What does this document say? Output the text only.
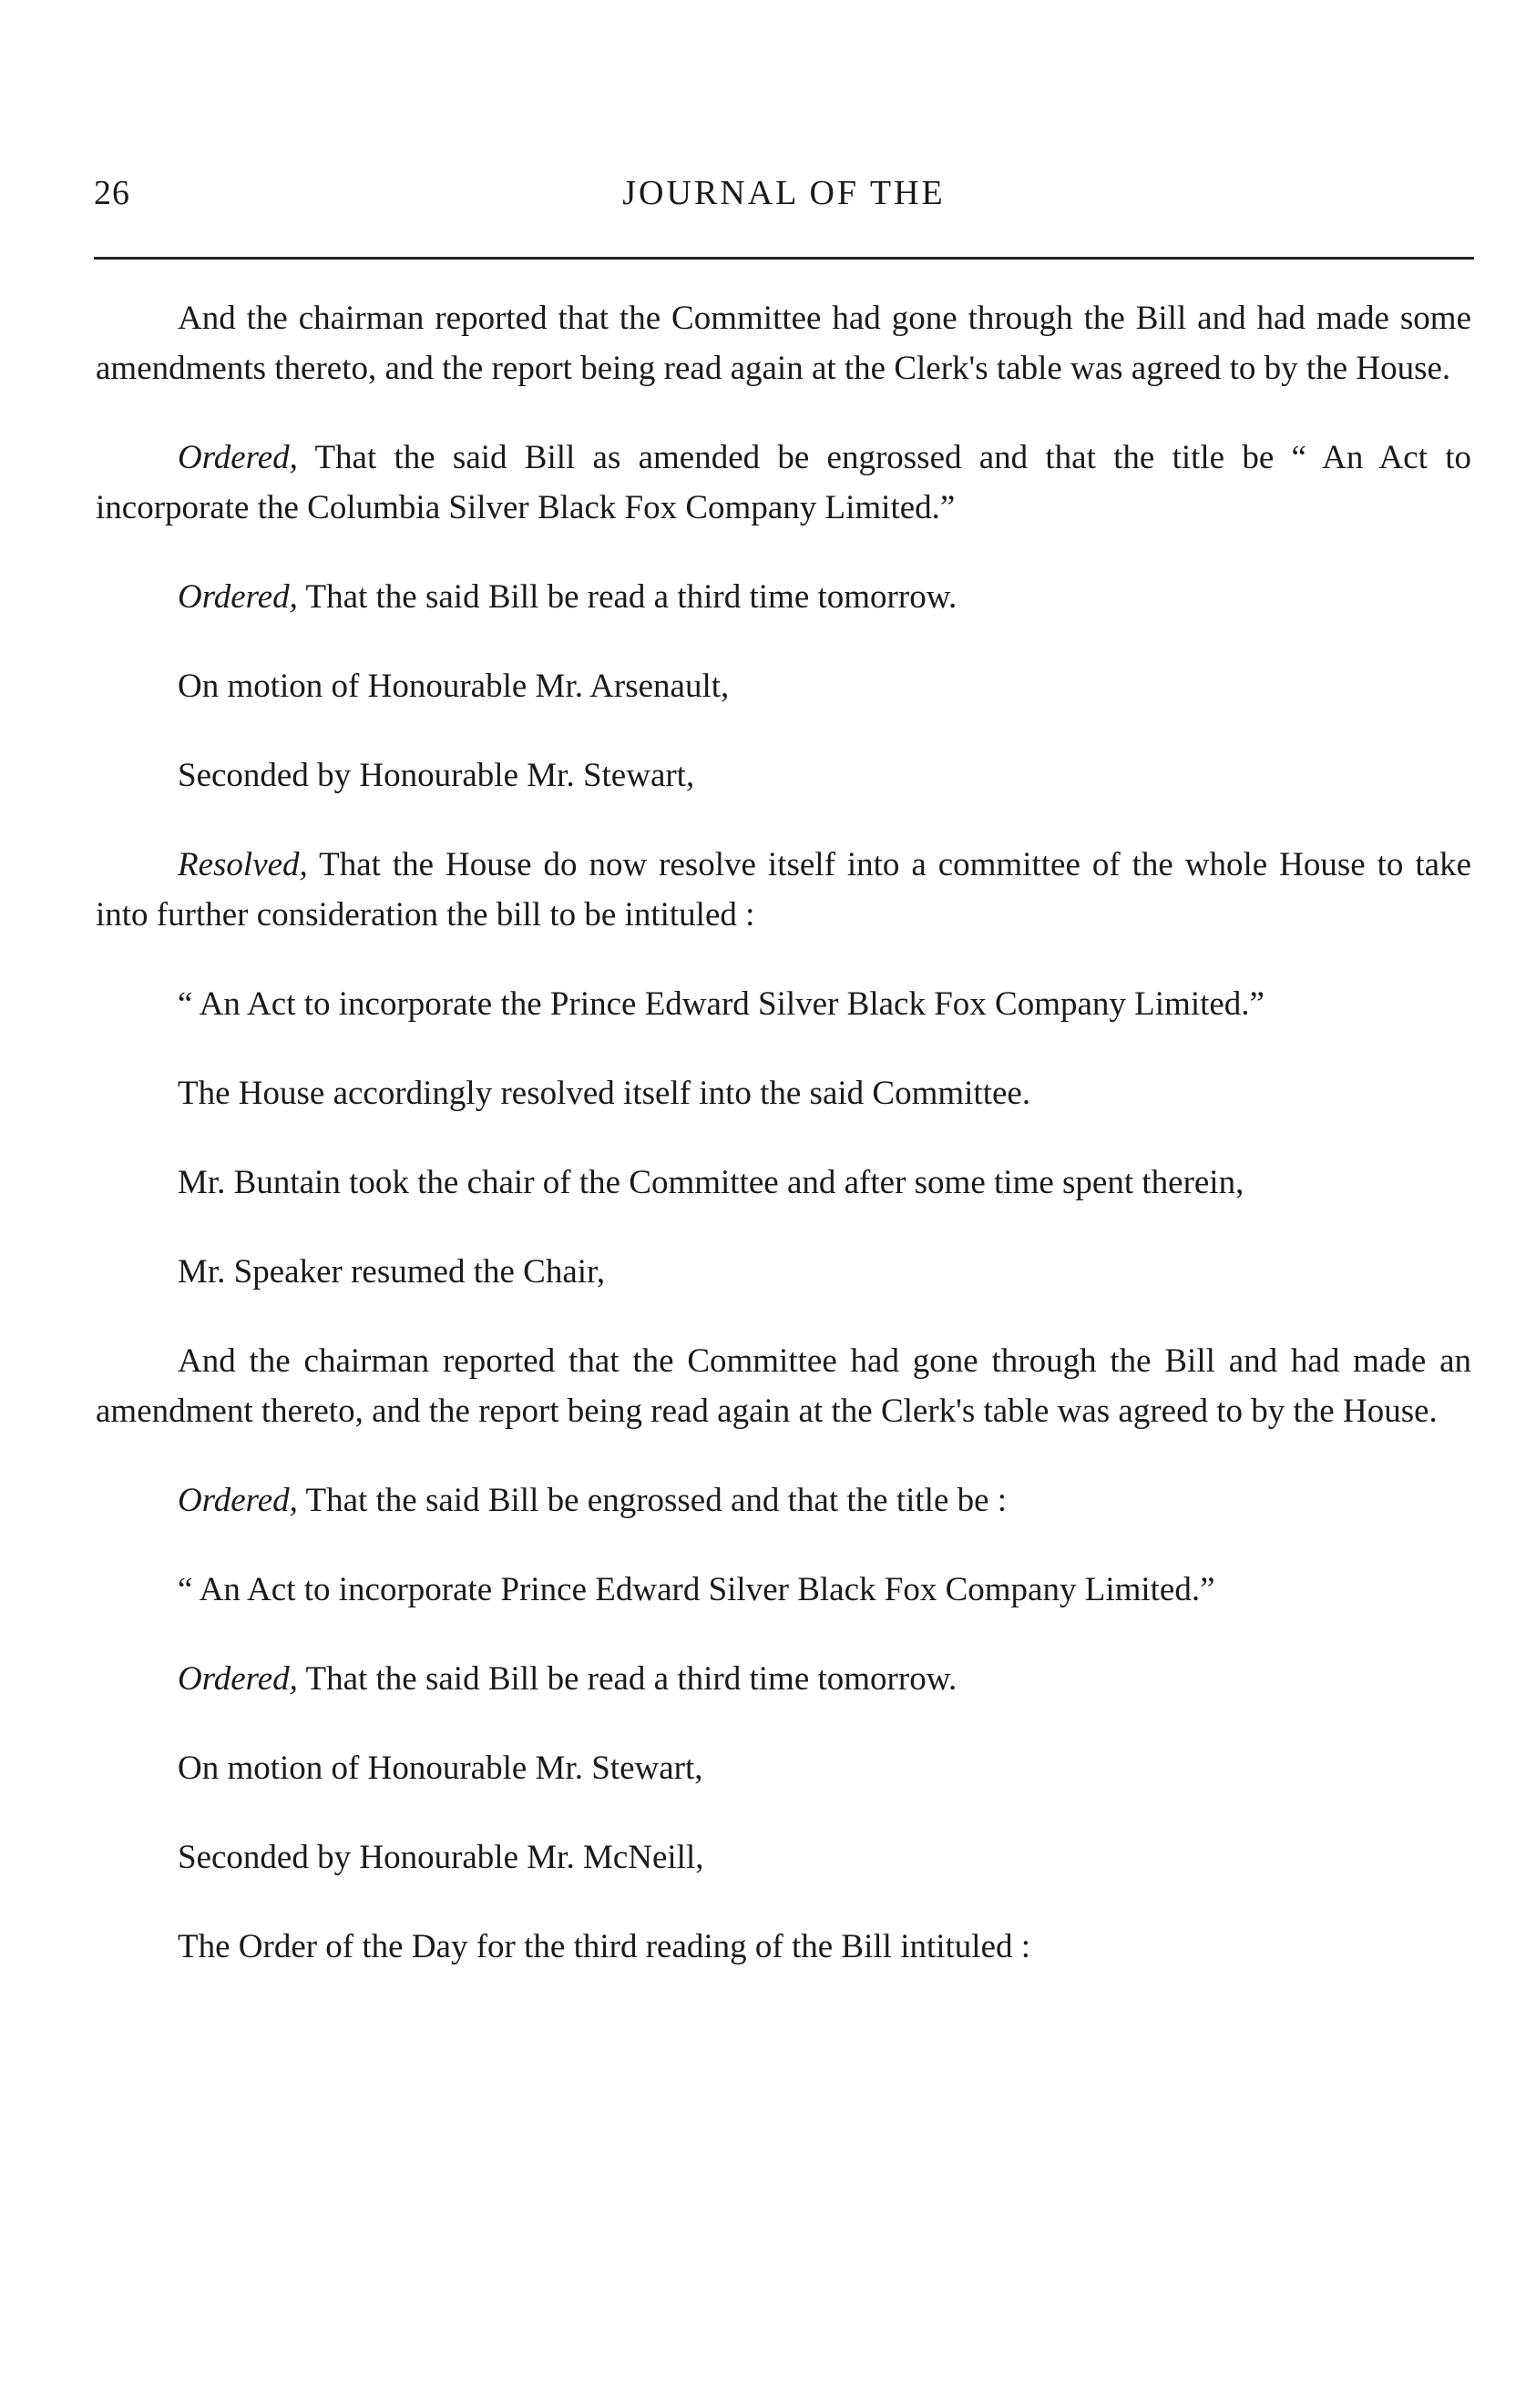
26	JOURNAL OF THE

And the chairman reported that the Committee had gone through the Bill and had made some amendments thereto, and the report being read again at the Clerk's table was agreed to by the House.

Ordered, That the said Bill as amended be engrossed and that the title be “ An Act to incorporate the Columbia Silver Black Fox Company Limited.”

Ordered, That the said Bill be read a third time tomorrow.

On motion of Honourable Mr. Arsenault,

Seconded by Honourable Mr. Stewart,

Resolved, That the House do now resolve itself into a committee of the whole House to take into further consideration the bill to be intituled :

“ An Act to incorporate the Prince Edward Silver Black Fox Company Limited.”

The House accordingly resolved itself into the said Committee.

Mr. Buntain took the chair of the Committee and after some time spent therein,

Mr. Speaker resumed the Chair,

And the chairman reported that the Committee had gone through the Bill and had made an amendment thereto, and the report being read again at the Clerk's table was agreed to by the House.

Ordered, That the said Bill be engrossed and that the title be :

“ An Act to incorporate Prince Edward Silver Black Fox Company Limited.”

Ordered, That the said Bill be read a third time tomorrow.

On motion of Honourable Mr. Stewart,

Seconded by Honourable Mr. McNeill,

The Order of the Day for the third reading of the Bill intituled :
